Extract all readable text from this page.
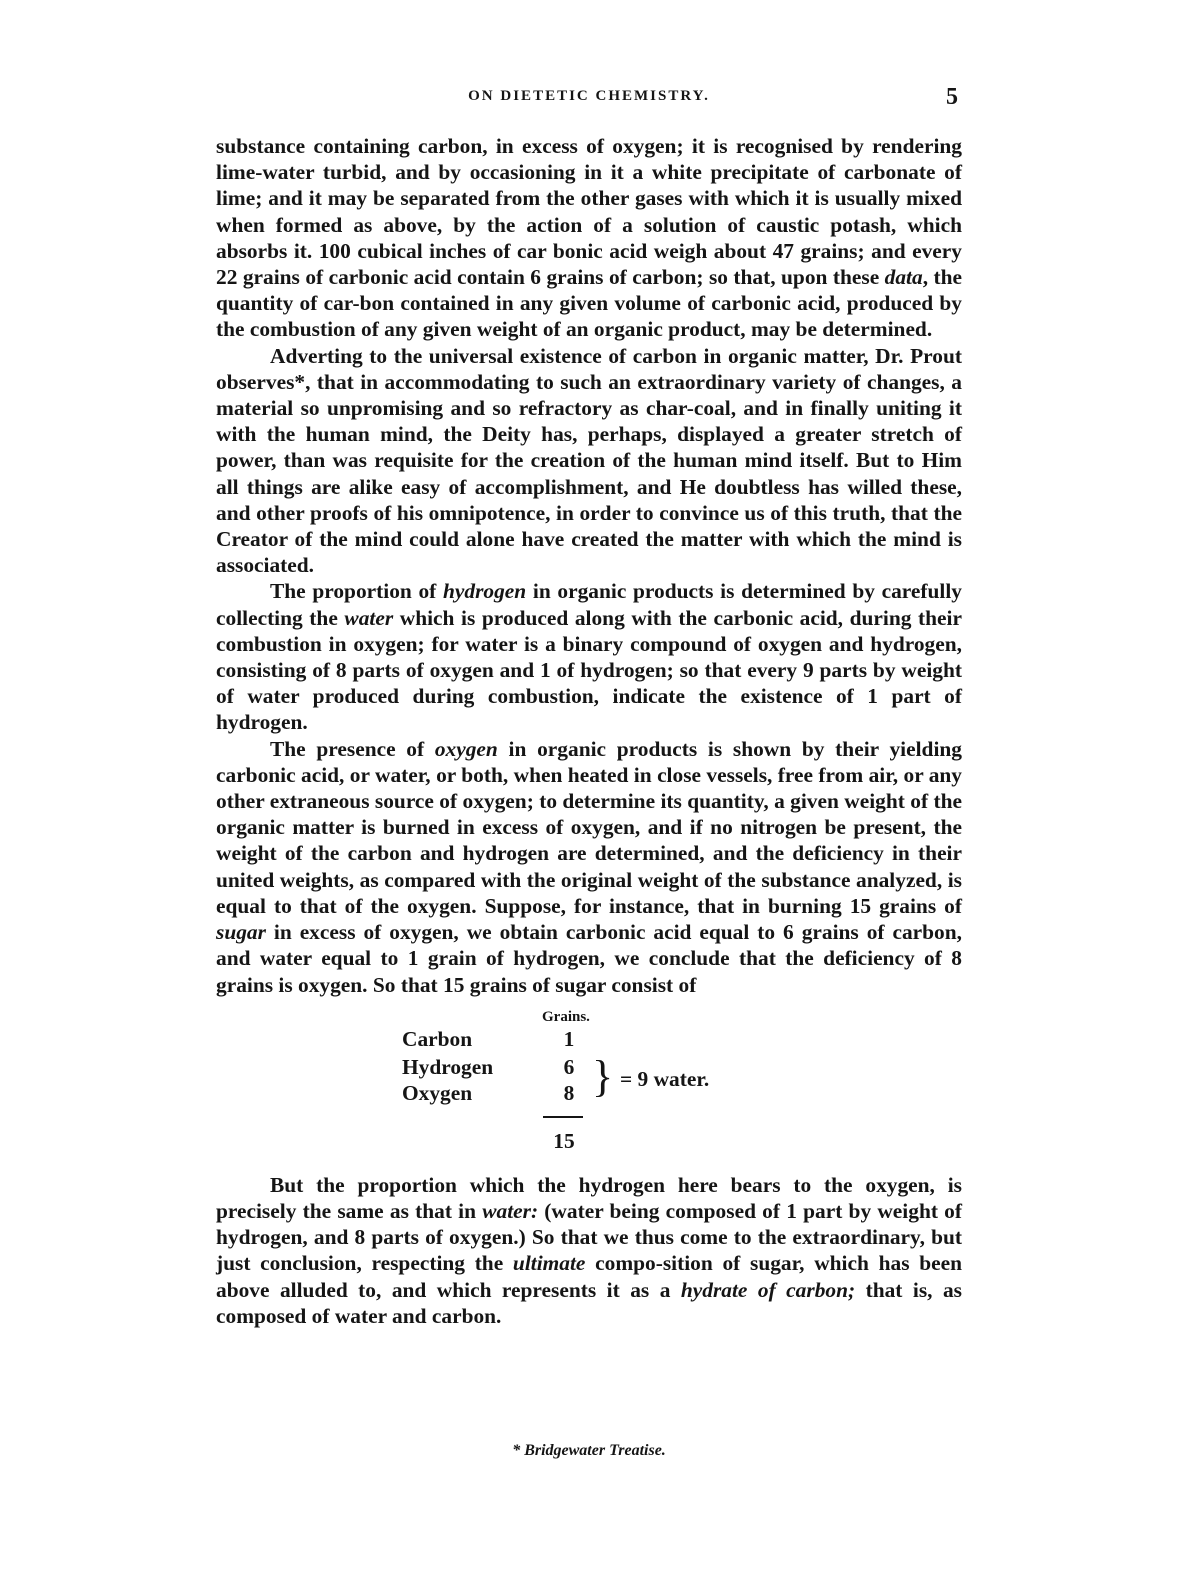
ON DIETETIC CHEMISTRY.	5

substance containing carbon, in excess of oxygen; it is recognised by rendering lime-water turbid, and by occasioning in it a white precipitate of carbonate of lime; and it may be separated from the other gases with which it is usually mixed when formed as above, by the action of a solution of caustic potash, which absorbs it. 100 cubical inches of car bonic acid weigh about 47 grains; and every 22 grains of carbonic acid contain 6 grains of carbon; so that, upon these data, the quantity of car-bon contained in any given volume of carbonic acid, produced by the combustion of any given weight of an organic product, may be determined.

Adverting to the universal existence of carbon in organic matter, Dr. Prout observes*, that in accommodating to such an extraordinary variety of changes, a material so unpromising and so refractory as char-coal, and in finally uniting it with the human mind, the Deity has, perhaps, displayed a greater stretch of power, than was requisite for the creation of the human mind itself. But to Him all things are alike easy of accomplishment, and He doubtless has willed these, and other proofs of his omnipotence, in order to convince us of this truth, that the Creator of the mind could alone have created the matter with which the mind is associated.

The proportion of hydrogen in organic products is determined by carefully collecting the water which is produced along with the carbonic acid, during their combustion in oxygen; for water is a binary compound of oxygen and hydrogen, consisting of 8 parts of oxygen and 1 of hydrogen; so that every 9 parts by weight of water produced during combustion, indicate the existence of 1 part of hydrogen.

The presence of oxygen in organic products is shown by their yielding carbonic acid, or water, or both, when heated in close vessels, free from air, or any other extraneous source of oxygen; to determine its quantity, a given weight of the organic matter is burned in excess of oxygen, and if no nitrogen be present, the weight of the carbon and hydrogen are determined, and the deficiency in their united weights, as compared with the original weight of the substance analyzed, is equal to that of the oxygen. Suppose, for instance, that in burning 15 grains of sugar in excess of oxygen, we obtain carbonic acid equal to 6 grains of carbon, and water equal to 1 grain of hydrogen, we conclude that the deficiency of 8 grains is oxygen. So that 15 grains of sugar consist of

Grains.
Carbon	1
Hydrogen	6
Oxygen	8 } = 9 water.
15

But the proportion which the hydrogen here bears to the oxygen, is precisely the same as that in water: (water being composed of 1 part by weight of hydrogen, and 8 parts of oxygen.) So that we thus come to the extraordinary, but just conclusion, respecting the ultimate compo-sition of sugar, which has been above alluded to, and which represents it as a hydrate of carbon; that is, as composed of water and carbon.

* Bridgewater Treatise.
